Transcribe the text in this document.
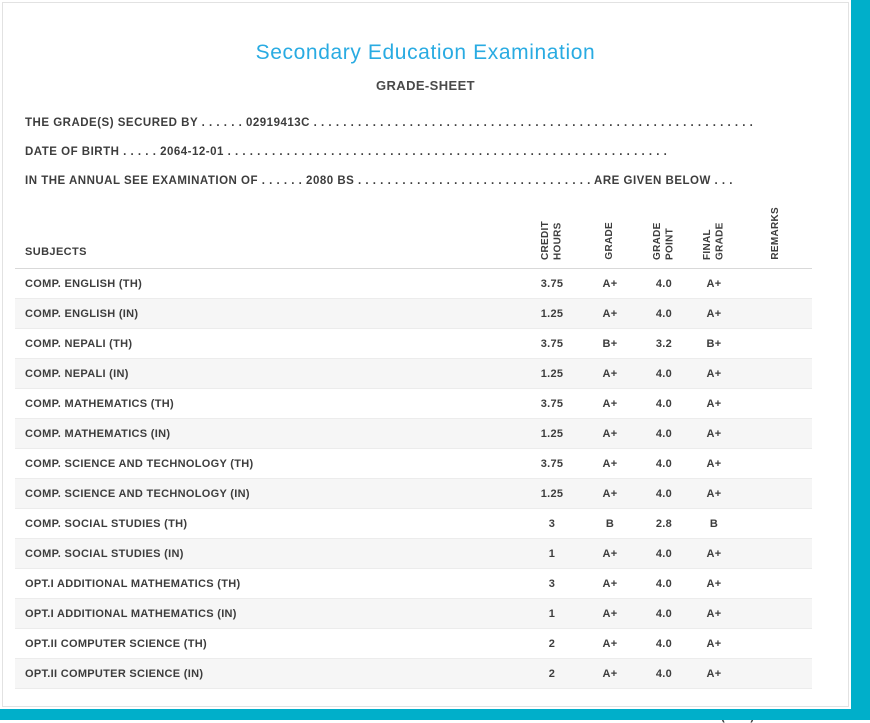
Secondary Education Examination
GRADE-SHEET
THE GRADE(S) SECURED BY . . . . . . 02919413C . . . . . . . . . . . . . . . . . . . . . . . . . . . . . . . . . . . . . . . . . . . . . . . . . . . . . . . . . . . .
DATE OF BIRTH . . . . . 2064-12-01 . . . . . . . . . . . . . . . . . . . . . . . . . . . . . . . . . . . . . . . . . . . . . . . . . . . . . . . . . . . .
IN THE ANNUAL SEE EXAMINATION OF . . . . . . 2080 BS . . . . . . . . . . . . . . . . . . . . . . . . . . . . . . . . ARE GIVEN BELOW . . .
SUBJECTS	CREDIT HOURS	GRADE	GRADE POINT	FINAL GRADE	REMARKS
COMP. ENGLISH (TH)	3.75	A+	4.0	A+
COMP. ENGLISH (IN)	1.25	A+	4.0	A+
COMP. NEPALI (TH)	3.75	B+	3.2	B+
COMP. NEPALI (IN)	1.25	A+	4.0	A+
COMP. MATHEMATICS (TH)	3.75	A+	4.0	A+
COMP. MATHEMATICS (IN)	1.25	A+	4.0	A+
COMP. SCIENCE AND TECHNOLOGY (TH)	3.75	A+	4.0	A+
COMP. SCIENCE AND TECHNOLOGY (IN)	1.25	A+	4.0	A+
COMP. SOCIAL STUDIES (TH)	3	B	2.8	B
COMP. SOCIAL STUDIES (IN)	1	A+	4.0	A+
OPT.I ADDITIONAL MATHEMATICS (TH)	3	A+	4.0	A+
OPT.I ADDITIONAL MATHEMATICS (IN)	1	A+	4.0	A+
OPT.II COMPUTER SCIENCE (TH)	2	A+	4.0	A+
OPT.II COMPUTER SCIENCE (IN)	2	A+	4.0	A+
